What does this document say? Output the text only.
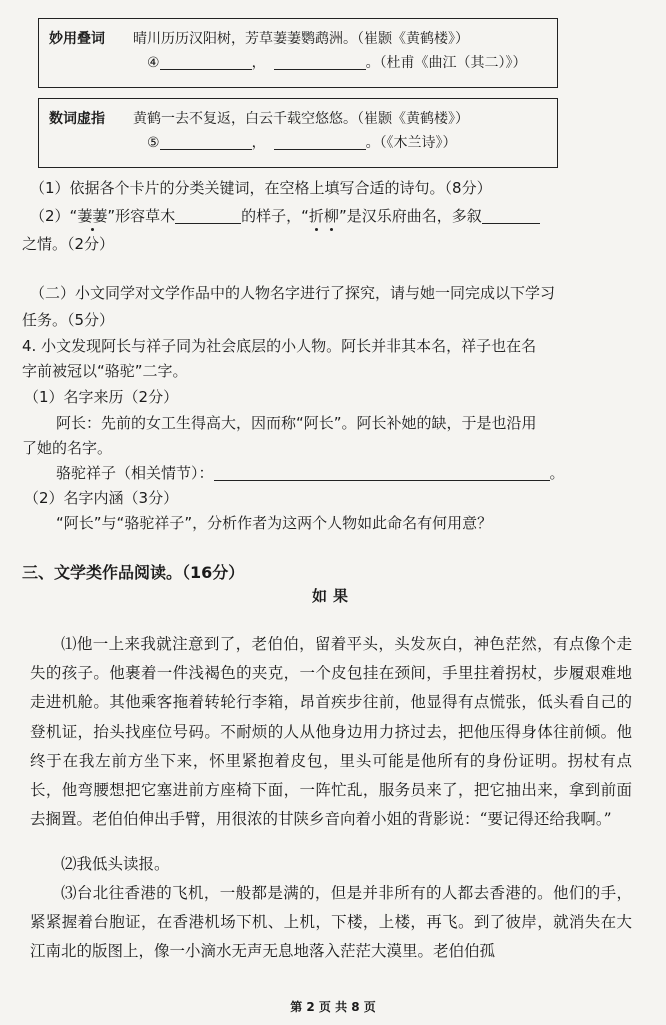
妙用叠词 晴川历历汉阳树，芳草萋萋鹦鹉洲。（崔颢《黄鹤楼》）
④	，	。（杜甫《曲江（其二）》）
数词虚指 黄鹤一去不复返，白云千载空悠悠。（崔颢《黄鹤楼》）
⑤	，	。（《木兰诗》）
（1）依据各个卡片的分类关键词，在空格上填写合适的诗句。（8分）
（2）“萋萋”形容草木	的样子，“折柳”是汉乐府曲名，多叙
之情。（2分）
（二）小文同学对文学作品中的人物名字进行了探究，请与她一同完成以下学习
任务。（5分）
4. 小文发现阿长与祥子同为社会底层的小人物。阿长并非其本名，祥子也在名
字前被冠以“骆驼”二字。
（1）名字来历（2分）
阿长：先前的女工生得高大，因而称“阿长”。阿长补她的缺，于是也沿用
了她的名字。
骆驼祥子（相关情节）：	。
（2）名字内涵（3分）
“阿长”与“骆驼祥子”，分析作者为这两个人物如此命名有何用意？
三、文学类作品阅读。（16分）
如果

⑴他一上来我就注意到了，老伯伯，留着平头，头发灰白，神色茫然，有点像个走失的孩子。他裹着一件浅褐色的夹克，一个皮包挂在颈间，手里拄着拐杖，步履艰难地走进机舱。其他乘客拖着转轮行李箱，昂首疾步往前，他显得有点慌张，低头看自己的登机证，抬头找座位号码。不耐烦的人从他身边用力挤过去，把他压得身体往前倾。他终于在我左前方坐下来，怀里紧抱着皮包，里头可能是他所有的身份证明。拐杖有点长，他弯腰想把它塞进前方座椅下面，一阵忙乱，服务员来了，把它抽出来，拿到前面去搁置。老伯伯伸出手臂，用很浓的甘陕乡音向着小姐的背影说：“要记得还给我啊。”

⑵我低头读报。

⑶台北往香港的飞机，一般都是满的，但是并非所有的人都去香港的。他们的手，紧紧握着台胞证，在香港机场下机、上机，下楼，上楼，再飞。到了彼岸，就消失在大江南北的版图上，像一小滴水无声无息地落入茫茫大漠里。老伯伯孤

第 2 页 共 8 页
